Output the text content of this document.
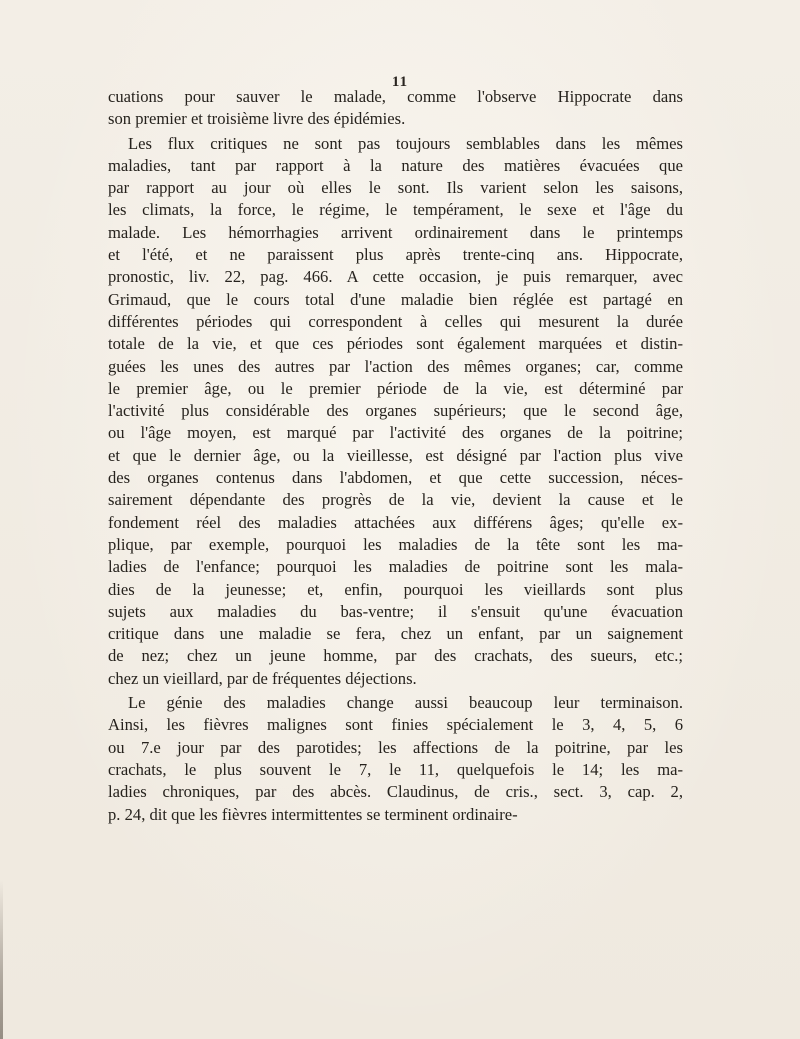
11
cuations pour sauver le malade, comme l'observe Hippocrate dans
son premier et troisième livre des épidémies.
Les flux critiques ne sont pas toujours semblables dans les mêmes
maladies, tant par rapport à la nature des matières évacuées que
par rapport au jour où elles le sont. Ils varient selon les saisons,
les climats, la force, le régime, le tempérament, le sexe et l'âge du
malade. Les hémorrhagies arrivent ordinairement dans le printemps
et l'été, et ne paraissent plus après trente-cinq ans. Hippocrate,
pronostic, liv. 22, pag. 466. A cette occasion, je puis remarquer, avec
Grimaud, que le cours total d'une maladie bien réglée est partagé en
différentes périodes qui correspondent à celles qui mesurent la durée
totale de la vie, et que ces périodes sont également marquées et distin-
guées les unes des autres par l'action des mêmes organes; car, comme
le premier âge, ou le premier période de la vie, est déterminé par
l'activité plus considérable des organes supérieurs; que le second âge,
ou l'âge moyen, est marqué par l'activité des organes de la poitrine;
et que le dernier âge, ou la vieillesse, est désigné par l'action plus vive
des organes contenus dans l'abdomen, et que cette succession, néces-
sairement dépendante des progrès de la vie, devient la cause et le
fondement réel des maladies attachées aux différens âges; qu'elle ex-
plique, par exemple, pourquoi les maladies de la tête sont les ma-
ladies de l'enfance; pourquoi les maladies de poitrine sont les mala-
dies de la jeunesse; et, enfin, pourquoi les vieillards sont plus
sujets aux maladies du bas-ventre; il s'ensuit qu'une évacuation
critique dans une maladie se fera, chez un enfant, par un saignement
de nez; chez un jeune homme, par des crachats, des sueurs, etc.;
chez un vieillard, par de fréquentes déjections.
Le génie des maladies change aussi beaucoup leur terminaison.
Ainsi, les fièvres malignes sont finies spécialement le 3, 4, 5, 6
ou 7.e jour par des parotides; les affections de la poitrine, par les
crachats, le plus souvent le 7, le 11, quelquefois le 14; les ma-
ladies chroniques, par des abcès. Claudinus, de cris., sect. 3, cap. 2,
p. 24, dit que les fièvres intermittentes se terminent ordinaire-
